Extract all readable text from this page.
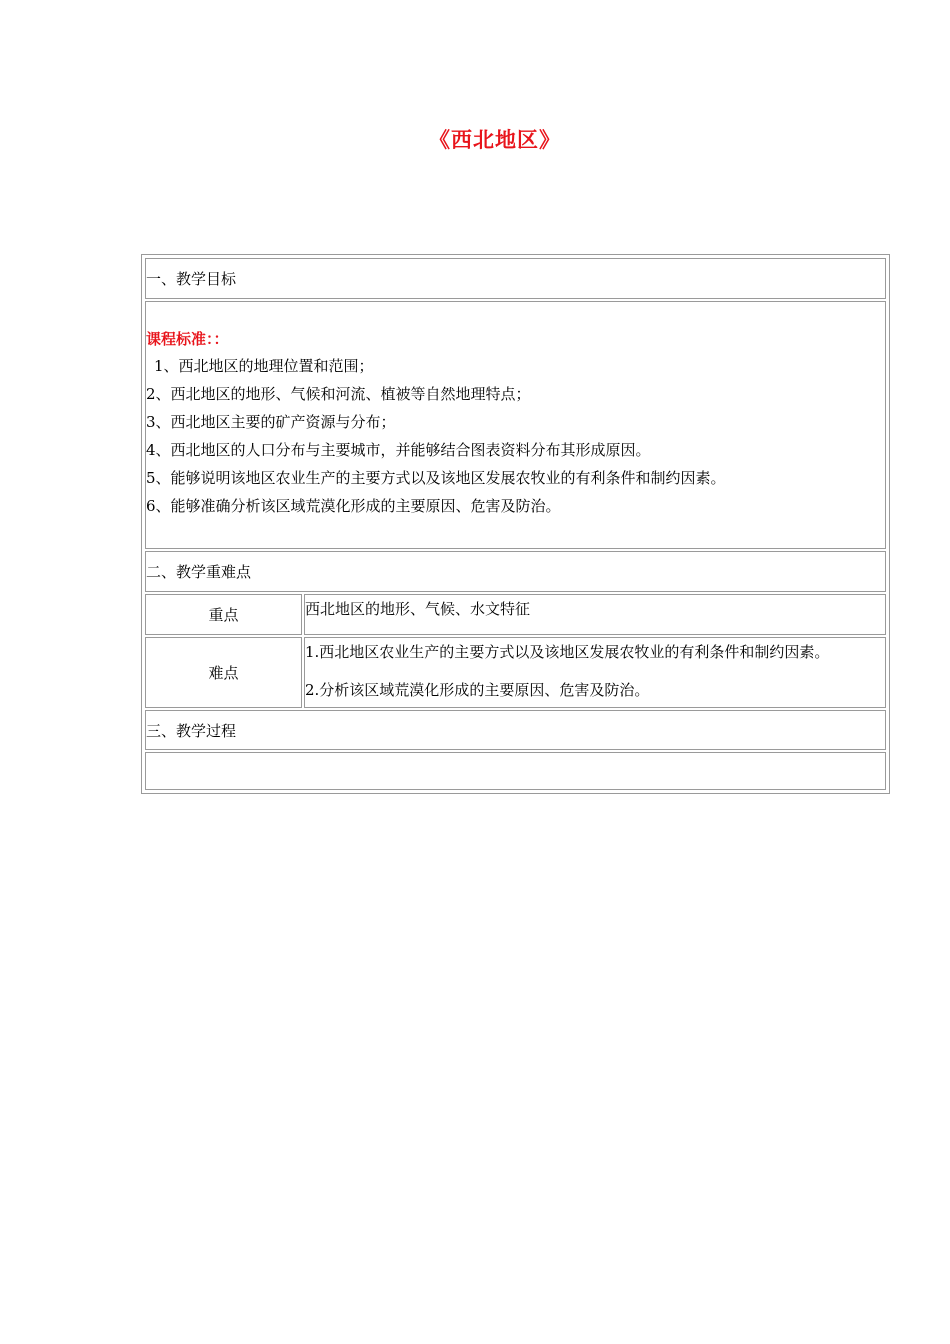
《西北地区》
一、教学目标
课程标准：：
1、西北地区的地理位置和范围；
2、西北地区的地形、气候和河流、植被等自然地理特点；
3、西北地区主要的矿产资源与分布；
4、西北地区的人口分布与主要城市，并能够结合图表资料分布其形成原因。
5、能够说明该地区农业生产的主要方式以及该地区发展农牧业的有利条件和制约因素。
6、能够准确分析该区域荒漠化形成的主要原因、危害及防治。
二、教学重难点
重点	西北地区的地形、气候、水文特征
难点
1.西北地区农业生产的主要方式以及该地区发展农牧业的有利条件和制约因素。
2.分析该区域荒漠化形成的主要原因、危害及防治。
三、教学过程
